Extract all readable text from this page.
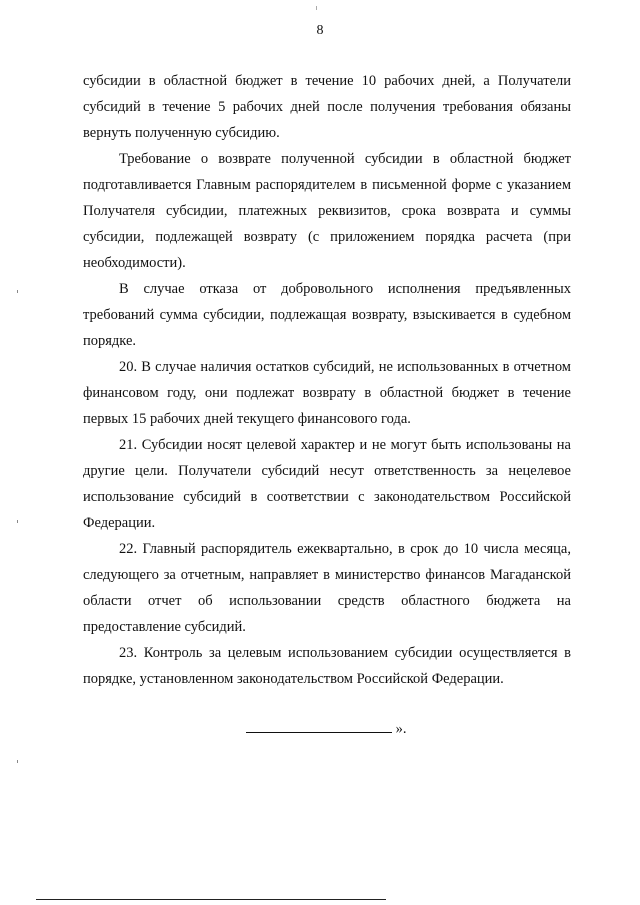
8

субсидии в областной бюджет в течение 10 рабочих дней, а Получатели субсидий в течение 5 рабочих дней после получения требования обязаны вернуть полученную субсидию.

Требование о возврате полученной субсидии в областной бюджет подготавливается Главным распорядителем в письменной форме с указанием Получателя субсидии, платежных реквизитов, срока возврата и суммы субсидии, подлежащей возврату (с приложением порядка расчета (при необходимости).

В случае отказа от добровольного исполнения предъявленных требований сумма субсидии, подлежащая возврату, взыскивается в судебном порядке.

20. В случае наличия остатков субсидий, не использованных в отчетном финансовом году, они подлежат возврату в областной бюджет в течение первых 15 рабочих дней текущего финансового года.

21. Субсидии носят целевой характер и не могут быть использованы на другие цели. Получатели субсидий несут ответственность за нецелевое использование субсидий в соответствии с законодательством Российской Федерации.

22. Главный распорядитель ежеквартально, в срок до 10 числа месяца, следующего за отчетным, направляет в министерство финансов Магаданской области отчет об использовании средств областного бюджета на предоставление субсидий.

23. Контроль за целевым использованием субсидии осуществляется в порядке, установленном законодательством Российской Федерации.

».
